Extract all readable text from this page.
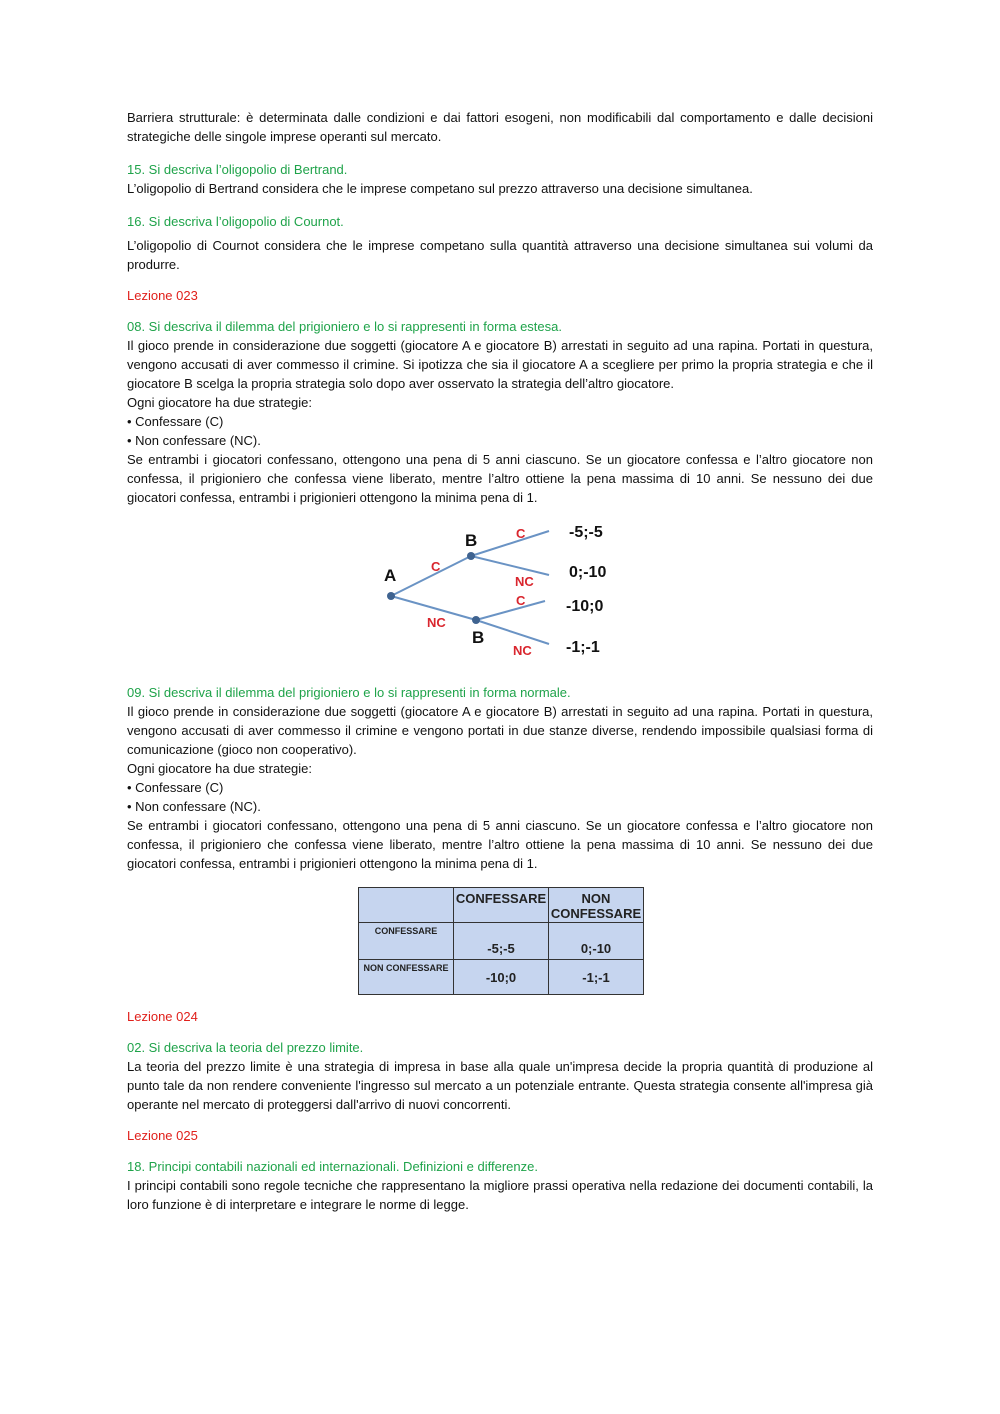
Barriera strutturale: è determinata dalle condizioni e dai fattori esogeni, non modificabili dal comportamento e dalle decisioni strategiche delle singole imprese operanti sul mercato.

15. Si descriva l’oligopolio di Bertrand.

L’oligopolio di Bertrand considera che le imprese competano sul prezzo attraverso una decisione simultanea.

16. Si descriva l’oligopolio di Cournot.

L’oligopolio di Cournot considera che le imprese competano sulla quantità attraverso una decisione simultanea sui volumi da produrre.

Lezione 023

08. Si descriva il dilemma del prigioniero e lo si rappresenti in forma estesa.

Il gioco prende in considerazione due soggetti (giocatore A e giocatore B) arrestati in seguito ad una rapina. Portati in questura, vengono accusati di aver commesso il crimine. Si ipotizza che sia il giocatore A a scegliere per primo la propria strategia e che il giocatore B scelga la propria strategia solo dopo aver osservato la strategia dell’altro giocatore.

Ogni giocatore ha due strategie:

• Confessare (C)

• Non confessare (NC).

Se entrambi i giocatori confessano, ottengono una pena di 5 anni ciascuno. Se un giocatore confessa e l’altro giocatore non confessa, il prigioniero che confessa viene liberato, mentre l’altro ottiene la pena massima di 10 anni. Se nessuno dei due giocatori confessa, entrambi i prigionieri ottengono la minima pena di 1.

A
B
B
C
NC
C
NC
C
NC
-5;-5
0;-10
-10;0
-1;-1

09. Si descriva il dilemma del prigioniero e lo si rappresenti in forma normale.

Il gioco prende in considerazione due soggetti (giocatore A e giocatore B) arrestati in seguito ad una rapina. Portati in questura, vengono accusati di aver commesso il crimine e vengono portati in due stanze diverse, rendendo impossibile qualsiasi forma di comunicazione (gioco non cooperativo).

Ogni giocatore ha due strategie:

• Confessare (C)

• Non confessare (NC).

Se entrambi i giocatori confessano, ottengono una pena di 5 anni ciascuno. Se un giocatore confessa e l’altro giocatore non confessa, il prigioniero che confessa viene liberato, mentre l’altro ottiene la pena massima di 10 anni. Se nessuno dei due giocatori confessa, entrambi i prigionieri ottengono la minima pena di 1.

	CONFESSARE	NON CONFESSARE
CONFESSARE	-5;-5	0;-10
NON CONFESSARE	-10;0	-1;-1

Lezione 024

02. Si descriva la teoria del prezzo limite.

La teoria del prezzo limite è una strategia di impresa in base alla quale un'impresa decide la propria quantità di produzione al punto tale da non rendere conveniente l'ingresso sul mercato a un potenziale entrante. Questa strategia consente all'impresa già operante nel mercato di proteggersi dall'arrivo di nuovi concorrenti.

Lezione 025

18. Principi contabili nazionali ed internazionali. Definizioni e differenze.

I principi contabili sono regole tecniche che rappresentano la migliore prassi operativa nella redazione dei documenti contabili, la loro funzione è di interpretare e integrare le norme di legge.
